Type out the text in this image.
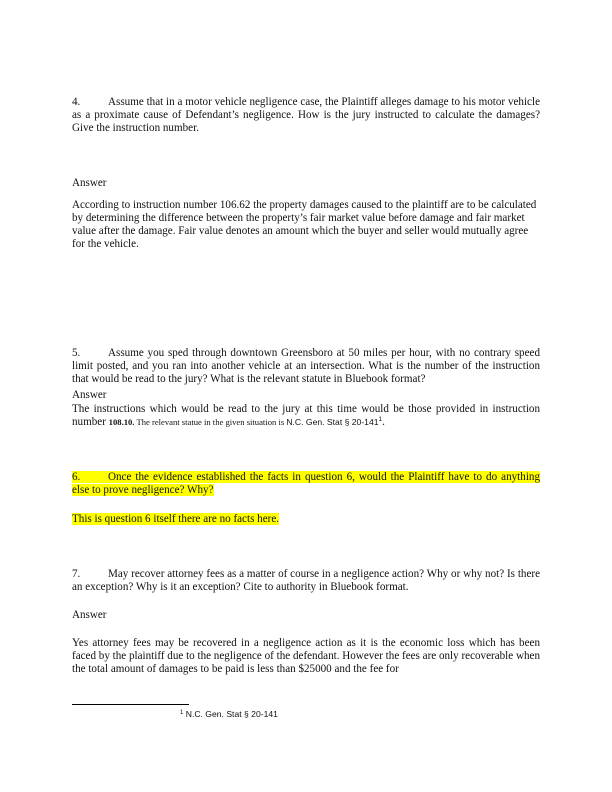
4. Assume that in a motor vehicle negligence case, the Plaintiff alleges damage to his motor vehicle as a proximate cause of Defendant’s negligence. How is the jury instructed to calculate the damages? Give the instruction number.
Answer
According to instruction number 106.62 the property damages caused to the plaintiff are to be calculated by determining the difference between the property’s fair market value before damage and fair market value after the damage. Fair value denotes an amount which the buyer and seller would mutually agree for the vehicle.
5. Assume you sped through downtown Greensboro at 50 miles per hour, with no contrary speed limit posted, and you ran into another vehicle at an intersection. What is the number of the instruction that would be read to the jury? What is the relevant statute in Bluebook format?
Answer
The instructions which would be read to the jury at this time would be those provided in instruction number 108.10. The relevant statue in the given situation is N.C. Gen. Stat § $20-141^1$.
6. Once the evidence established the facts in question 6, would the Plaintiff have to do anything else to prove negligence? Why?
This is question 6 itself there are no facts here.
7. May recover attorney fees as a matter of course in a negligence action? Why or why not? Is there an exception? Why is it an exception? Cite to authority in Bluebook format.
Answer
Yes attorney fees may be recovered in a negligence action as it is the economic loss which has been faced by the plaintiff due to the negligence of the defendant. However the fees are only recoverable when the total amount of damages to be paid is less than $25000 and the fee for
$^1$ N.C. Gen. Stat § 20-141
